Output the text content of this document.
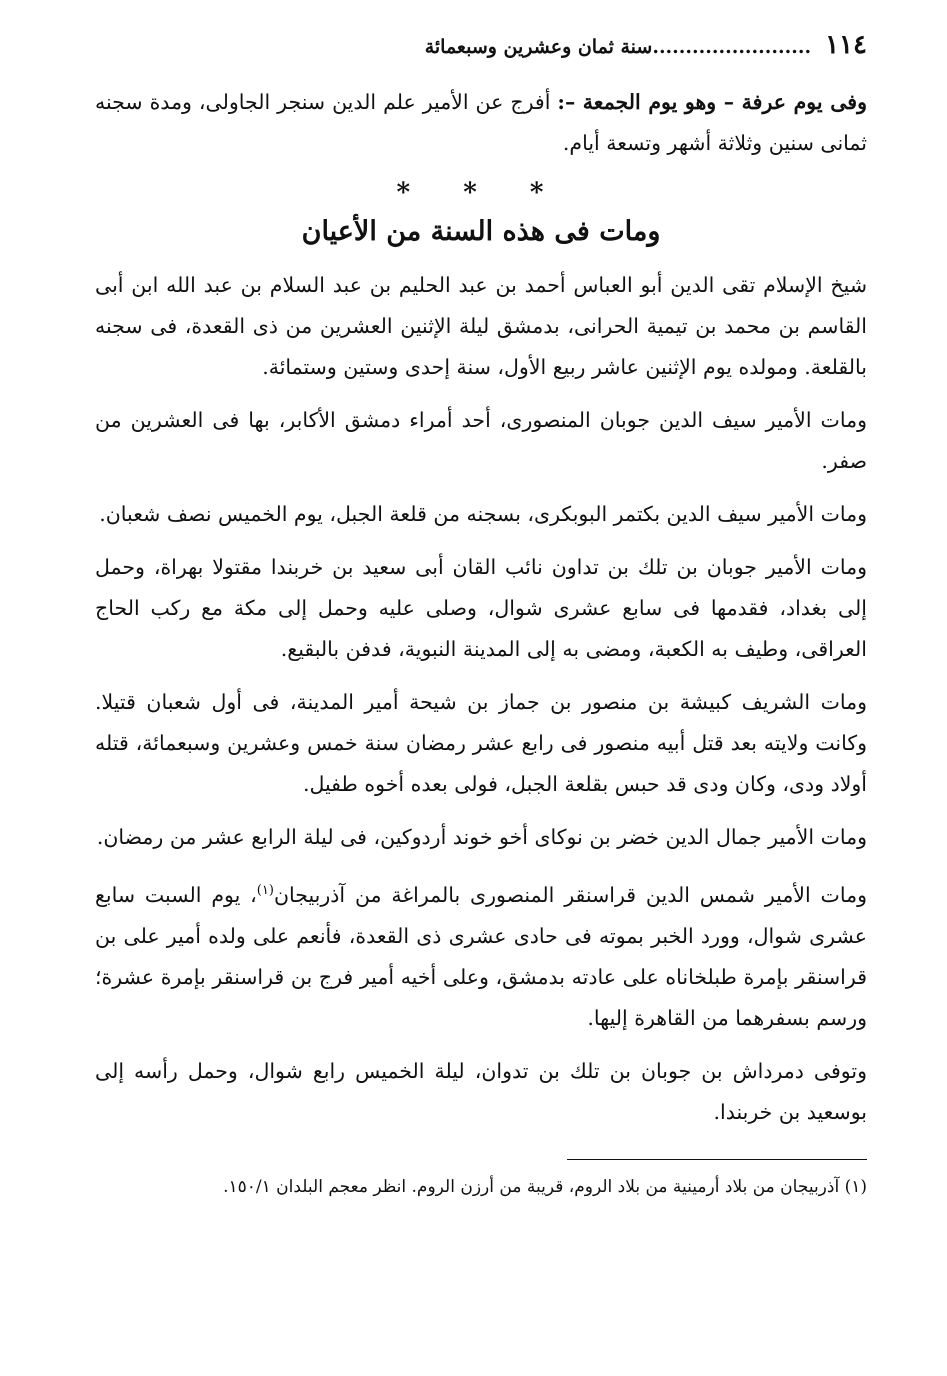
١١٤
........................سنة ثمان وعشرين وسبعمائة

وفى يوم عرفة – وهو يوم الجمعة –: أفرج عن الأمير علم الدين سنجر الجاولى، ومدة سجنه ثمانى سنين وثلاثة أشهر وتسعة أيام.

* * *
ومات فى هذه السنة من الأعيان

شيخ الإسلام تقى الدين أبو العباس أحمد بن عبد الحليم بن عبد السلام بن عبد الله ابن أبى القاسم بن محمد بن تيمية الحرانى، بدمشق ليلة الإثنين العشرين من ذى القعدة، فى سجنه بالقلعة. ومولده يوم الإثنين عاشر ربيع الأول، سنة إحدى وستين وستمائة.

ومات الأمير سيف الدين جوبان المنصورى، أحد أمراء دمشق الأكابر، بها فى العشرين من صفر.

ومات الأمير سيف الدين بكتمر البوبكرى، بسجنه من قلعة الجبل، يوم الخميس نصف شعبان.

ومات الأمير جوبان بن تلك بن تداون نائب القان أبى سعيد بن خربندا مقتولا بهراة، وحمل إلى بغداد، فقدمها فى سابع عشرى شوال، وصلى عليه وحمل إلى مكة مع ركب الحاج العراقى، وطيف به الكعبة، ومضى به إلى المدينة النبوية، فدفن بالبقيع.

ومات الشريف كبيشة بن منصور بن جماز بن شيحة أمير المدينة، فى أول شعبان قتيلا. وكانت ولايته بعد قتل أبيه منصور فى رابع عشر رمضان سنة خمس وعشرين وسبعمائة، قتله أولاد ودى، وكان ودى قد حبس بقلعة الجبل، فولى بعده أخوه طفيل.

ومات الأمير جمال الدين خضر بن نوكاى أخو خوند أردوكين، فى ليلة الرابع عشر من رمضان.

ومات الأمير شمس الدين قراسنقر المنصورى بالمراغة من آذربيجان$^{(١)}$، يوم السبت سابع عشرى شوال، وورد الخبر بموته فى حادى عشرى ذى القعدة، فأنعم على ولده أمير على بن قراسنقر بإمرة طبلخاناه على عادته بدمشق، وعلى أخيه أمير فرج بن قراسنقر بإمرة عشرة؛ ورسم بسفرهما من القاهرة إليها.

وتوفى دمرداش بن جوبان بن تلك بن تدوان، ليلة الخميس رابع شوال، وحمل رأسه إلى بوسعيد بن خربندا.

(١) آذربيجان من بلاد أرمينية من بلاد الروم، قريبة من أرزن الروم. انظر معجم البلدان ١٥٠/١.
